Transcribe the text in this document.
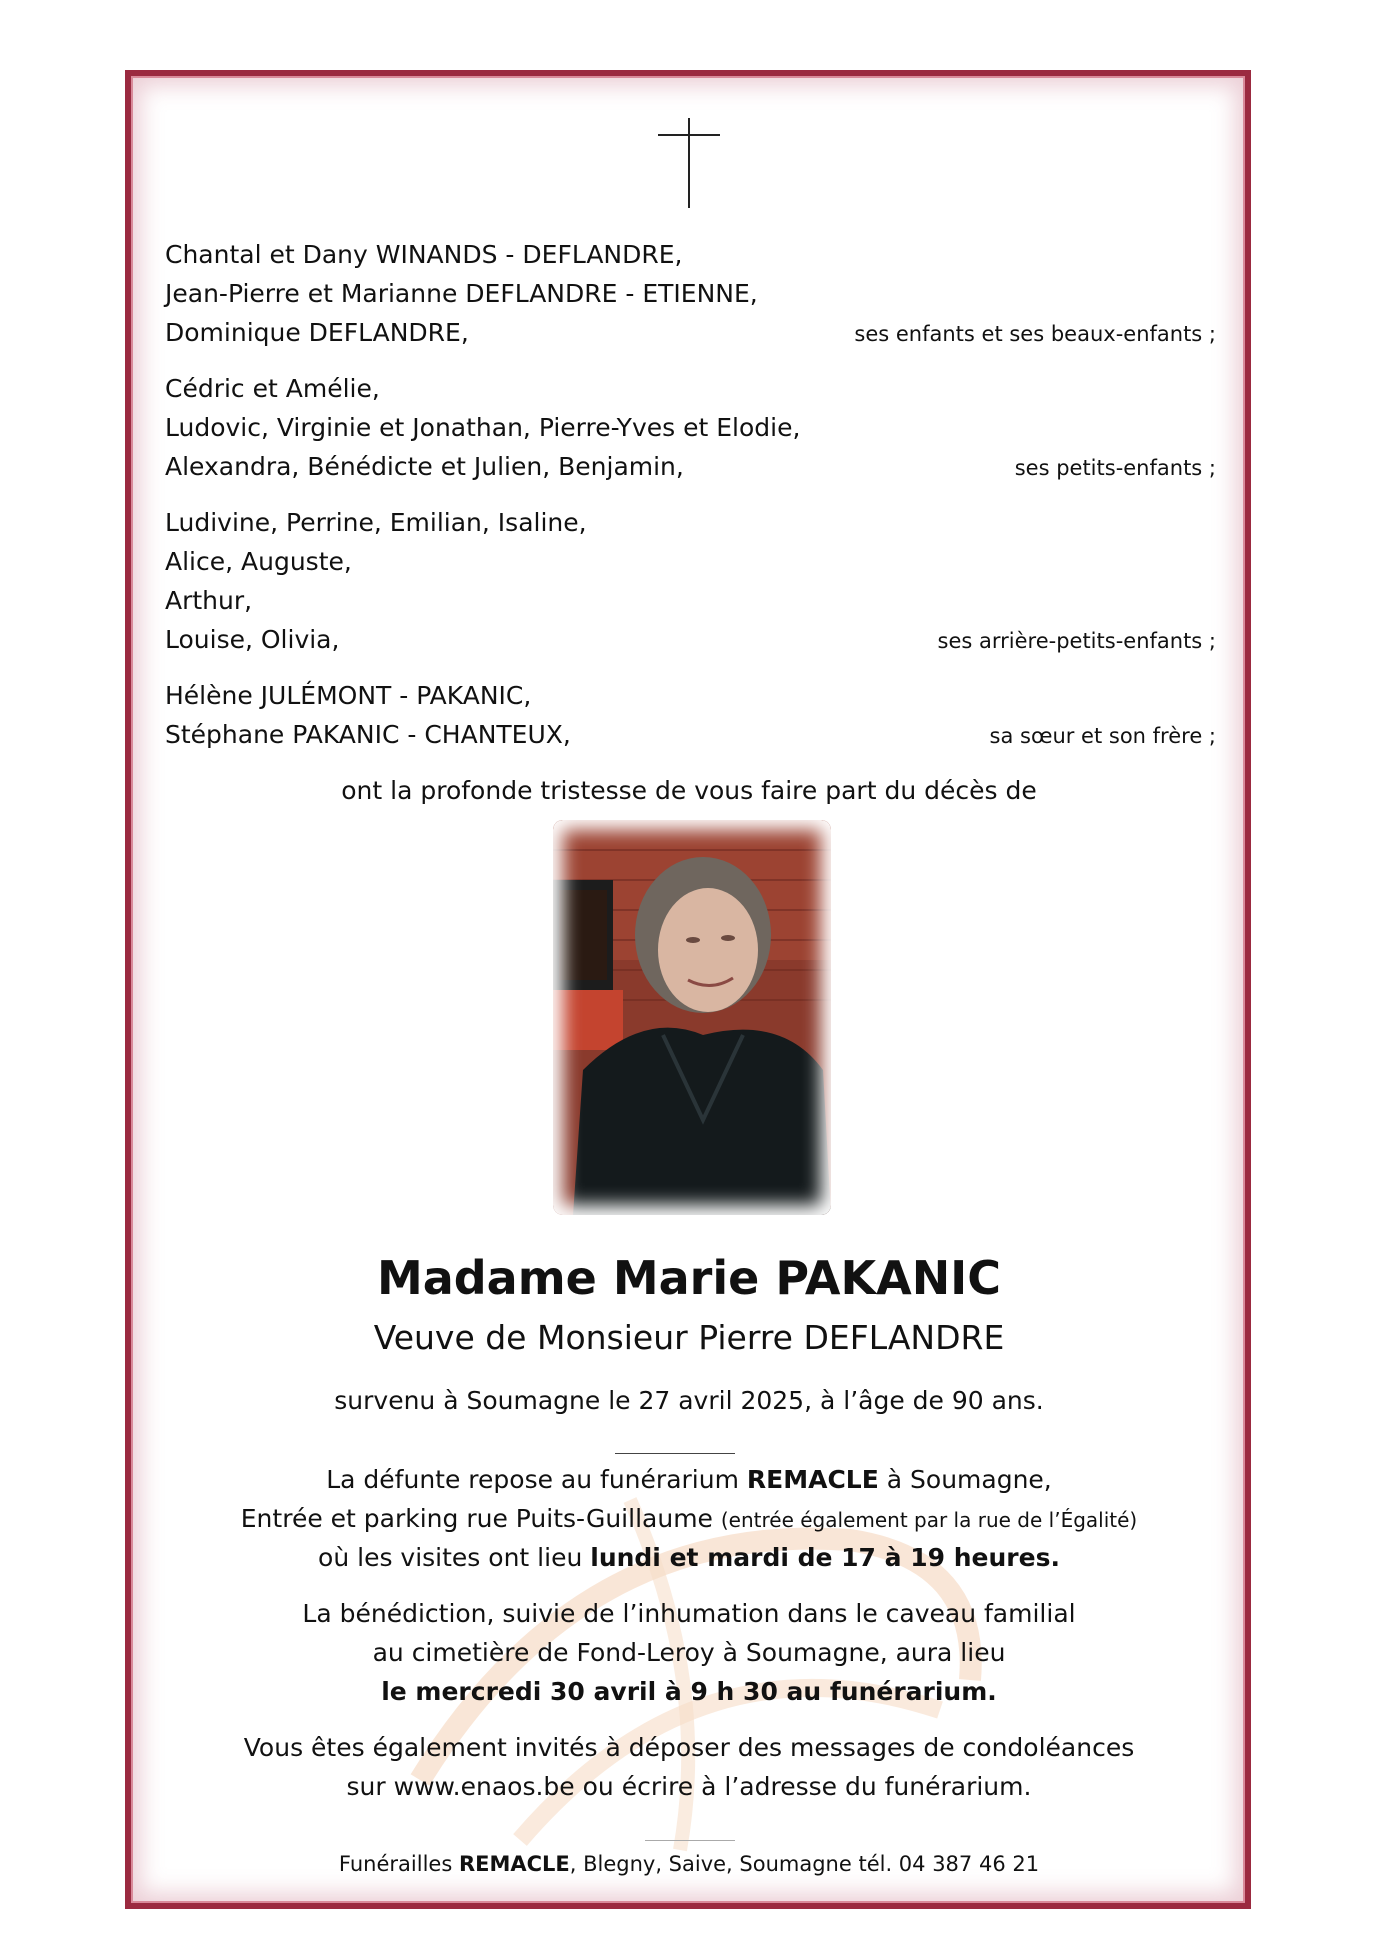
Chantal et Dany WINANDS - DEFLANDRE,
Jean-Pierre et Marianne DEFLANDRE - ETIENNE,
Dominique DEFLANDRE,	ses enfants et ses beaux-enfants ;
Cédric et Amélie,
Ludovic, Virginie et Jonathan, Pierre-Yves et Elodie,
Alexandra, Bénédicte et Julien, Benjamin,	ses petits-enfants ;
Ludivine, Perrine, Emilian, Isaline,
Alice, Auguste,
Arthur,
Louise, Olivia,	ses arrière-petits-enfants ;
Hélène JULÉMONT - PAKANIC,
Stéphane PAKANIC - CHANTEUX,	sa sœur et son frère ;
ont la profonde tristesse de vous faire part du décès de
Madame Marie PAKANIC
Veuve de Monsieur Pierre DEFLANDRE
survenu à Soumagne le 27 avril 2025, à l’âge de 90 ans.
La défunte repose au funérarium REMACLE à Soumagne,
Entrée et parking rue Puits-Guillaume (entrée également par la rue de l’Égalité)
où les visites ont lieu lundi et mardi de 17 à 19 heures.
La bénédiction, suivie de l’inhumation dans le caveau familial
au cimetière de Fond-Leroy à Soumagne, aura lieu
le mercredi 30 avril à 9 h 30 au funérarium.
Vous êtes également invités à déposer des messages de condoléances
sur www.enaos.be ou écrire à l’adresse du funérarium.
Funérailles REMACLE, Blegny, Saive, Soumagne tél. 04 387 46 21
